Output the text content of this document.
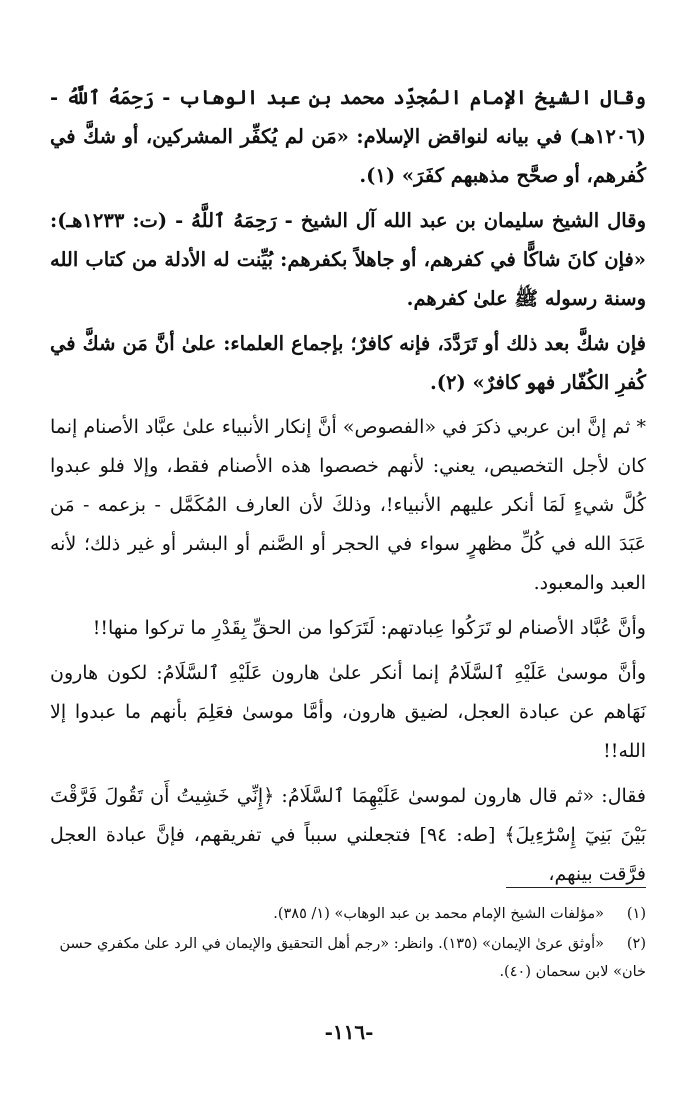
وقال الشيخ الإمام المُجدِّد محمد بن عبد الوهاب - رَحِمَهُ ٱللَّهُ - (١٢٠٦هـ) في بيانه لنواقض الإسلام: «مَن لم يُكفِّر المشركين، أو شكَّ في كُفرهم، أو صحَّح مذهبهم كفَرَ» (١).

وقال الشيخ سليمان بن عبد الله آل الشيخ - رَحِمَهُ ٱللَّهُ - (ت: ١٢٣٣هـ): «فإن كانَ شاكًّا في كفرهم، أو جاهلاً بكفرهم: بُيِّنت له الأدلة من كتاب الله وسنة رسوله ﷺ علىٰ كفرهم.

فإن شكَّ بعد ذلك أو تَرَدَّدَ، فإنه كافرٌ؛ بإجماع العلماء: علىٰ أنَّ مَن شكَّ في كُفرِ الكُفّار فهو كافرٌ» (٢).

* ثم إنَّ ابن عربي ذكرَ في «الفصوص» أنَّ إنكار الأنبياء علىٰ عبَّاد الأصنام إنما كان لأجل التخصيص، يعني: لأنهم خصصوا هذه الأصنام فقط، وإلا فلو عبدوا كُلَّ شيءٍ لَمَا أنكر عليهم الأنبياء!، وذلكَ لأن العارف المُكَمَّل - بزعمه - مَن عَبَدَ الله في كُلِّ مظهرٍ سواء في الحجر أو الصَّنم أو البشر أو غير ذلك؛ لأنه العبد والمعبود.

وأنَّ عُبَّاد الأصنام لو تَرَكُوا عِبادتهم: لَتَرَكوا من الحقِّ بِقَدْرِ ما تركوا منها!!

وأنَّ موسىٰ عَلَيْهِ ٱلسَّلَامُ إنما أنكر علىٰ هارون عَلَيْهِ ٱلسَّلَامُ: لكون هارون نَهَاهم عن عبادة العجل، لضيق هارون، وأمَّا موسىٰ فعَلِمَ بأنهم ما عبدوا إلا الله!!

فقال: «ثم قال هارون لموسىٰ عَلَيْهِمَا ٱلسَّلَامُ: ﴿إِنِّي خَشِيتُ أَن تَقُولَ فَرَّقْتَ بَيْنَ بَنِيٓ إِسْرَٰٓءِيلَ﴾ [طه: ٩٤] فتجعلني سبباً في تفريقهم، فإنَّ عبادة العجل فرَّقت بينهم،

(١)«مؤلفات الشيخ الإمام محمد بن عبد الوهاب» (١/ ٣٨٥).
(٢)«أوثق عرىٰ الإيمان» (١٣٥). وانظر: «رجم أهل التحقيق والإيمان في الرد علىٰ مكفري حسن خان» لابن سحمان (٤٠).
-١١٦-
